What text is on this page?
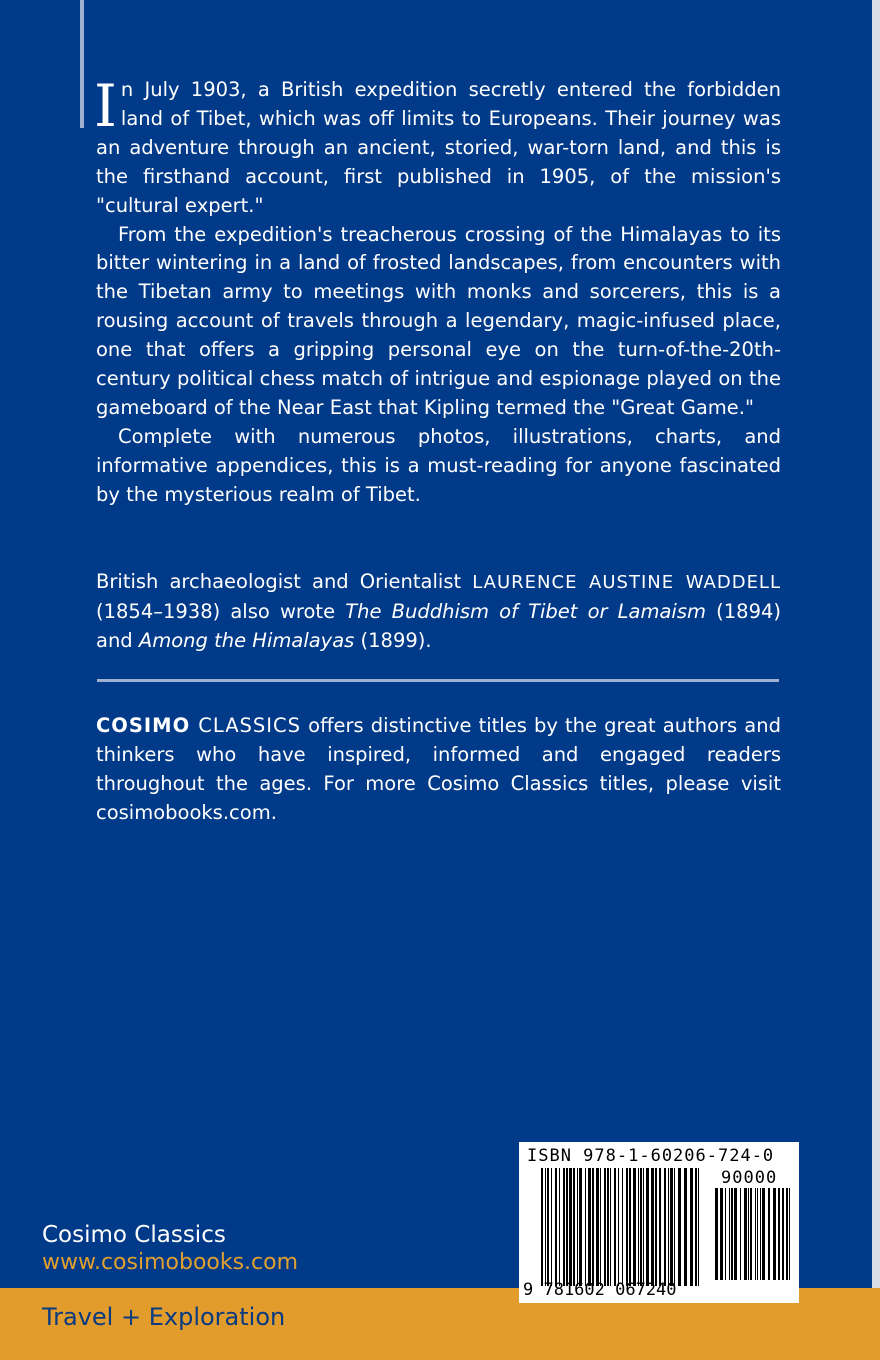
In July 1903, a British expedition secretly entered the forbidden land of Tibet, which was off limits to Europeans. Their journey was an adventure through an ancient, storied, war-torn land, and this is the firsthand account, first published in 1905, of the mission's "cultural expert."

From the expedition's treacherous crossing of the Himalayas to its bitter wintering in a land of frosted landscapes, from encounters with the Tibetan army to meetings with monks and sorcerers, this is a rousing account of travels through a legendary, magic-infused place, one that offers a gripping personal eye on the turn-of-the-20th-century political chess match of intrigue and espionage played on the gameboard of the Near East that Kipling termed the "Great Game."

Complete with numerous photos, illustrations, charts, and informative appendices, this is a must-reading for anyone fascinated by the mysterious realm of Tibet.

British archaeologist and Orientalist LAURENCE AUSTINE WADDELL (1854–1938) also wrote The Buddhism of Tibet or Lamaism (1894) and Among the Himalayas (1899).

COSIMO CLASSICS offers distinctive titles by the great authors and thinkers who have inspired, informed and engaged readers throughout the ages. For more Cosimo Classics titles, please visit cosimobooks.com.

Cosimo Classics
www.cosimobooks.com
Travel + Exploration
ISBN 978-1-60206-724-0
90000
9 781602 067240
